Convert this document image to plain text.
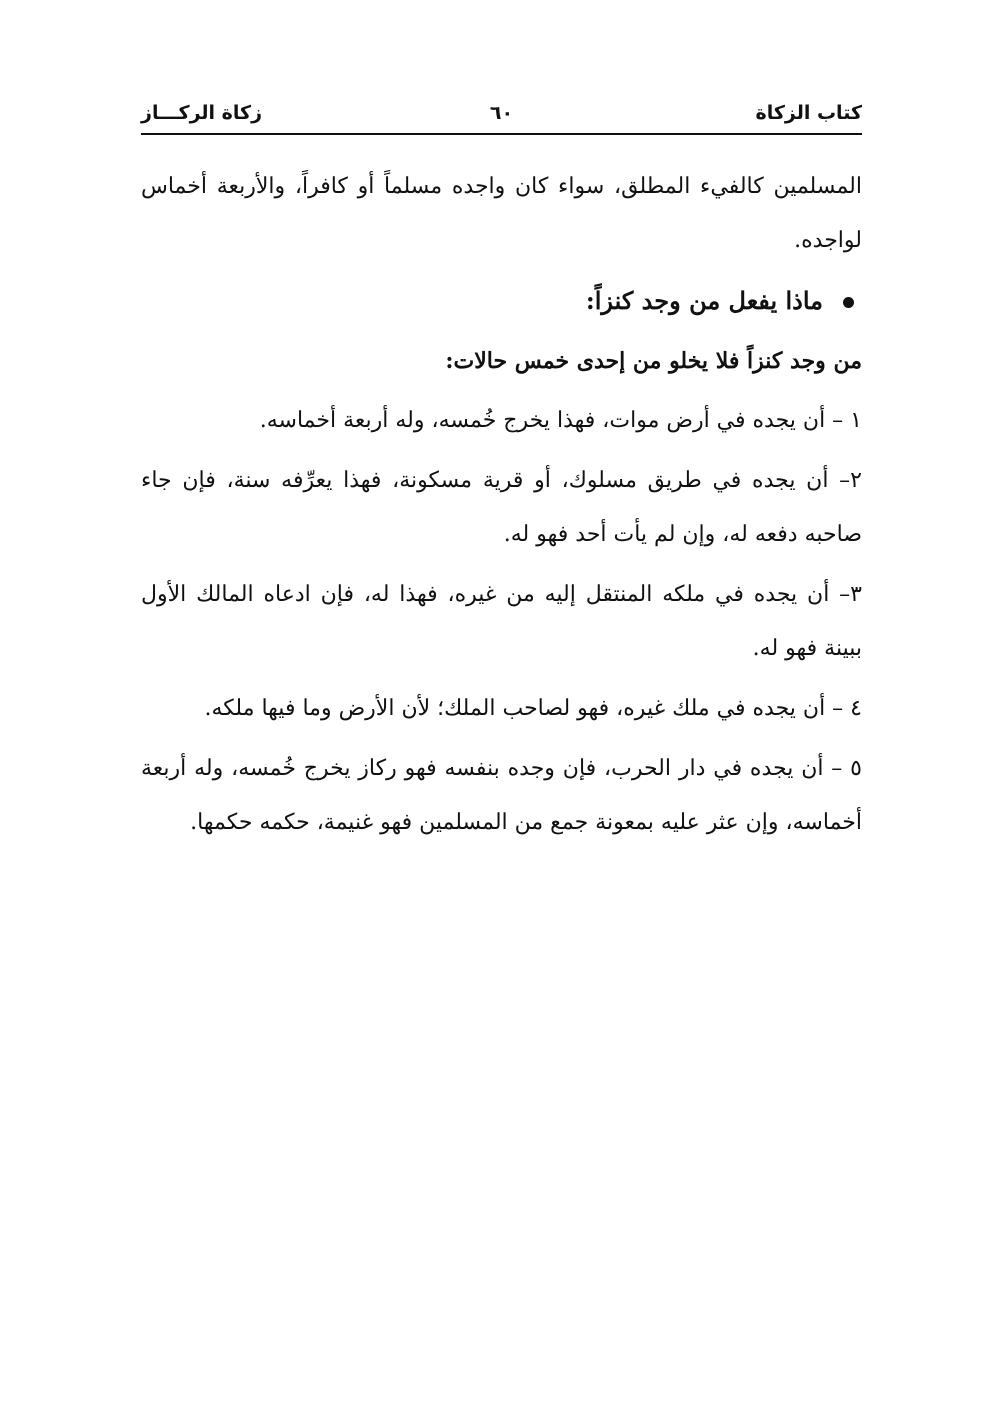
كتاب الزكاة
٦٠
زكاة الركـــاز

المسلمين كالفيء المطلق، سواء كان واجده مسلماً أو كافراً، والأربعة أخماس لواجده.

ماذا يفعل من وجد كنزاً:

من وجد كنزاً فلا يخلو من إحدى خمس حالات:

١ – أن يجده في أرض موات، فهذا يخرج خُمسه، وله أربعة أخماسه.

٢– أن يجده في طريق مسلوك، أو قرية مسكونة، فهذا يعرِّفه سنة، فإن جاء صاحبه دفعه له، وإن لم يأت أحد فهو له.

٣– أن يجده في ملكه المنتقل إليه من غيره، فهذا له، فإن ادعاه المالك الأول ببينة فهو له.

٤ – أن يجده في ملك غيره، فهو لصاحب الملك؛ لأن الأرض وما فيها ملكه.

٥ – أن يجده في دار الحرب، فإن وجده بنفسه فهو ركاز يخرج خُمسه، وله أربعة أخماسه، وإن عثر عليه بمعونة جمع من المسلمين فهو غنيمة، حكمه حكمها.
